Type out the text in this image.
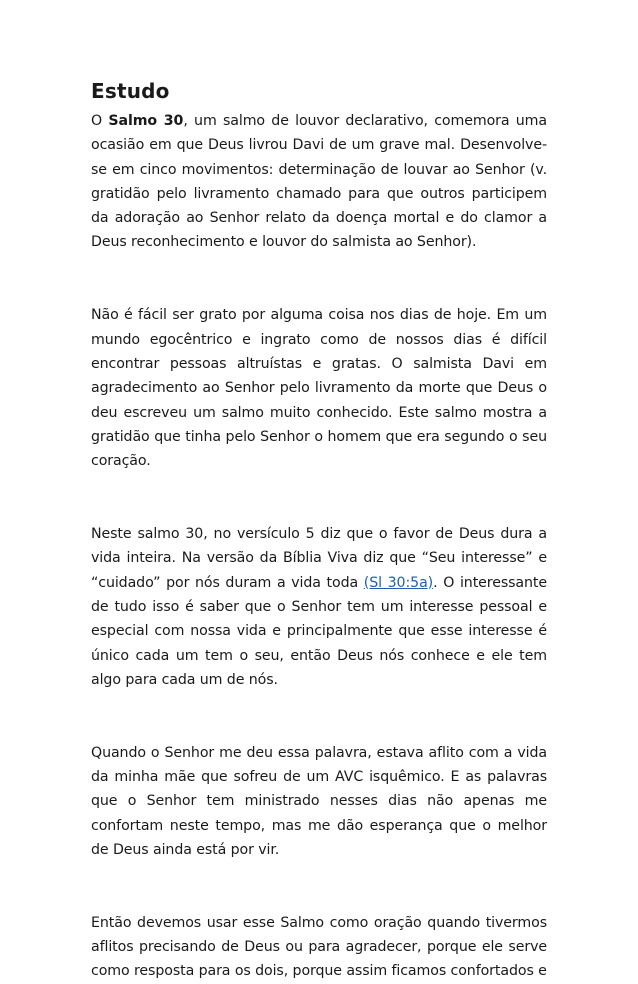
Estudo

O Salmo 30, um salmo de louvor declarativo, comemora uma ocasião em que Deus livrou Davi de um grave mal. Desenvolve-se em cinco movimentos: determinação de louvar ao Senhor (v. gratidão pelo livramento chamado para que outros participem da adoração ao Senhor relato da doença mortal e do clamor a Deus reconhecimento e louvor do salmista ao Senhor).

Não é fácil ser grato por alguma coisa nos dias de hoje. Em um mundo egocêntrico e ingrato como de nossos dias é difícil encontrar pessoas altruístas e gratas. O salmista Davi em agradecimento ao Senhor pelo livramento da morte que Deus o deu escreveu um salmo muito conhecido. Este salmo mostra a gratidão que tinha pelo Senhor o homem que era segundo o seu coração.

Neste salmo 30, no versículo 5 diz que o favor de Deus dura a vida inteira. Na versão da Bíblia Viva diz que “Seu interesse” e “cuidado” por nós duram a vida toda (Sl 30:5a). O interessante de tudo isso é saber que o Senhor tem um interesse pessoal e especial com nossa vida e principalmente que esse interesse é único cada um tem o seu, então Deus nós conhece e ele tem algo para cada um de nós.

Quando o Senhor me deu essa palavra, estava aflito com a vida da minha mãe que sofreu de um AVC isquêmico. E as palavras que o Senhor tem ministrado nesses dias não apenas me confortam neste tempo, mas me dão esperança que o melhor de Deus ainda está por vir.

Então devemos usar esse Salmo como oração quando tivermos aflitos precisando de Deus ou para agradecer, porque ele serve como resposta para os dois, porque assim ficamos confortados e
